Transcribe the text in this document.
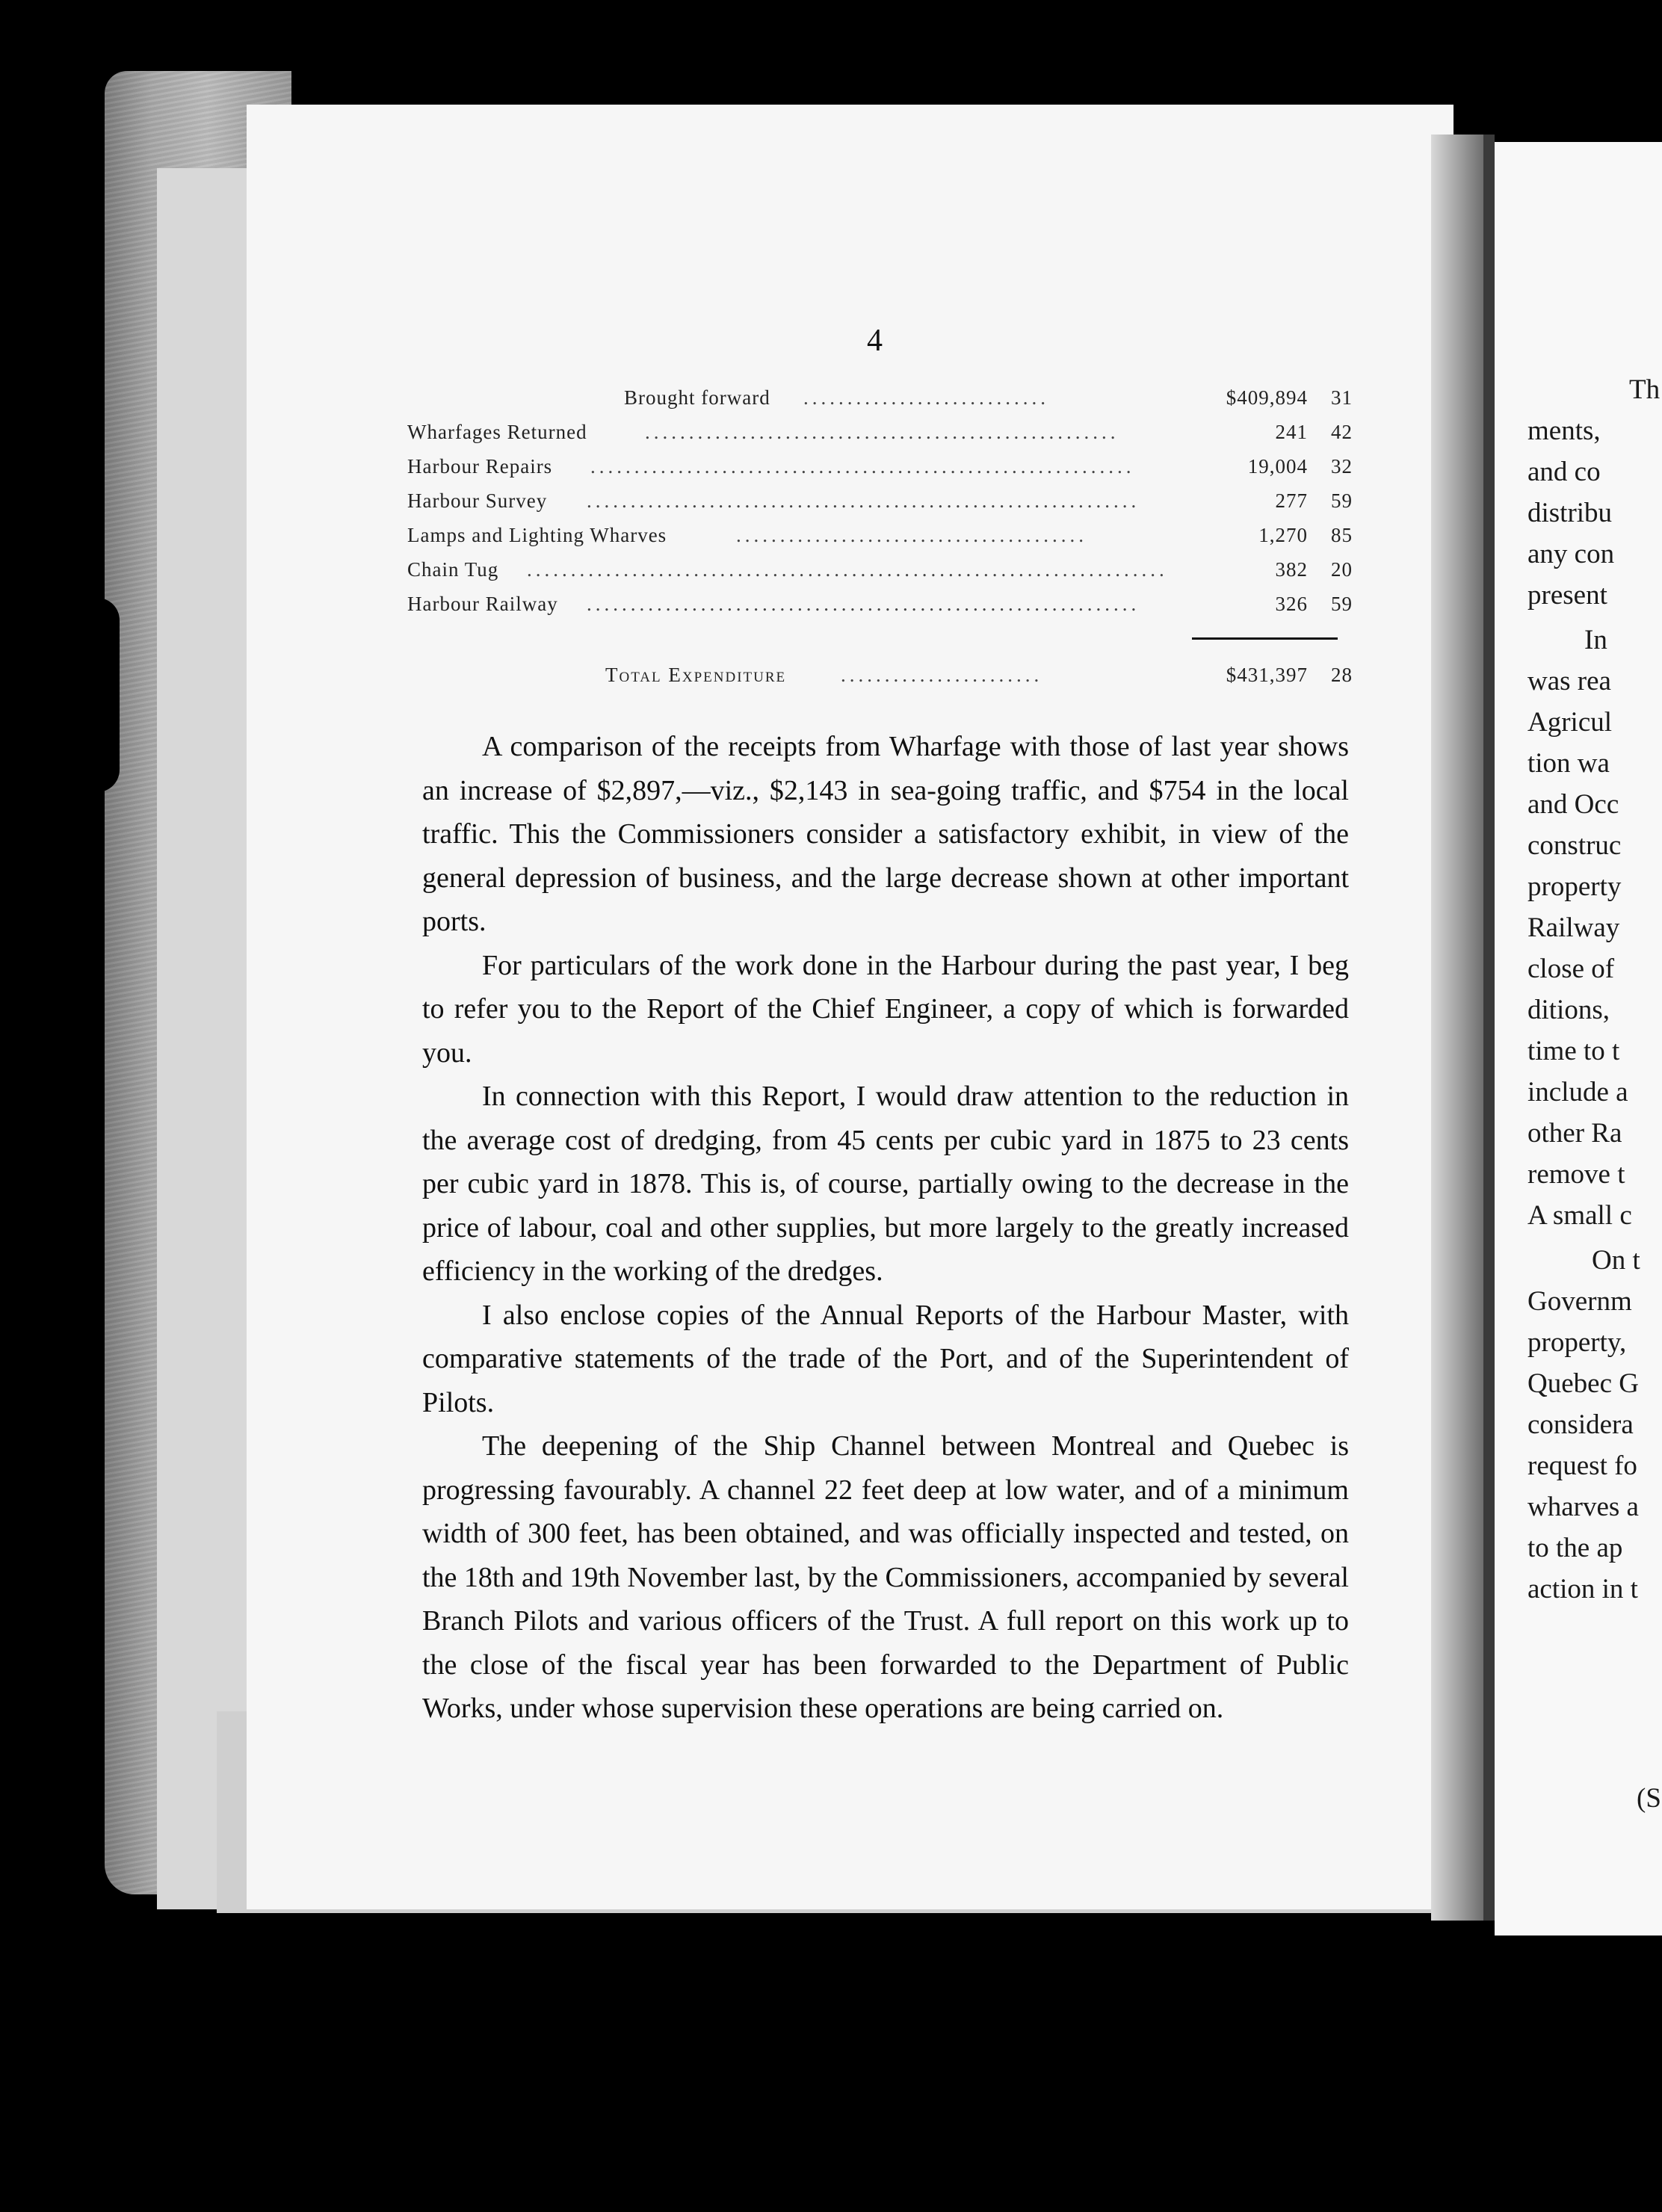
Th
ments,
and co
distribu
any con
present
In
was rea
Agricul
tion wa
and Occ
construc
property
Railway
close of
ditions,
time to t
include a
other Ra
remove t
A small c
On t
Governm
property,
Quebec G
considera
request fo
wharves a
to the ap
action in t
(S
4
Brought forward ............................	$409,894	31
Wharfages Returned	......................................................	241	42
Harbour Repairs ..............................................................	19,004	32
Harbour Survey ...............................................................	277	59
Lamps and Lighting Wharves	........................................	1,270	85
Chain Tug .........................................................................	382	20
Harbour Railway ...............................................................	326	59
Total Expenditure	.......................	$431,397	28

A comparison of the receipts from Wharfage with those of last year shows an increase of $2,897,—viz., $2,143 in sea-going traffic, and $754 in the local traffic. This the Commissioners consider a satisfactory exhibit, in view of the general depression of business, and the large decrease shown at other important ports.

For particulars of the work done in the Harbour during the past year, I beg to refer you to the Report of the Chief Engineer, a copy of which is forwarded you.

In connection with this Report, I would draw attention to the reduction in the average cost of dredging, from 45 cents per cubic yard in 1875 to 23 cents per cubic yard in 1878. This is, of course, partially owing to the decrease in the price of labour, coal and other supplies, but more largely to the greatly increased efficiency in the working of the dredges.

I also enclose copies of the Annual Reports of the Harbour Master, with comparative statements of the trade of the Port, and of the Superintendent of Pilots.

The deepening of the Ship Channel between Montreal and Quebec is progressing favourably. A channel 22 feet deep at low water, and of a minimum width of 300 feet, has been obtained, and was officially inspected and tested, on the 18th and 19th November last, by the Commissioners, accompanied by several Branch Pilots and various officers of the Trust. A full report on this work up to the close of the fiscal year has been forwarded to the Department of Public Works, under whose supervision these operations are being carried on.
